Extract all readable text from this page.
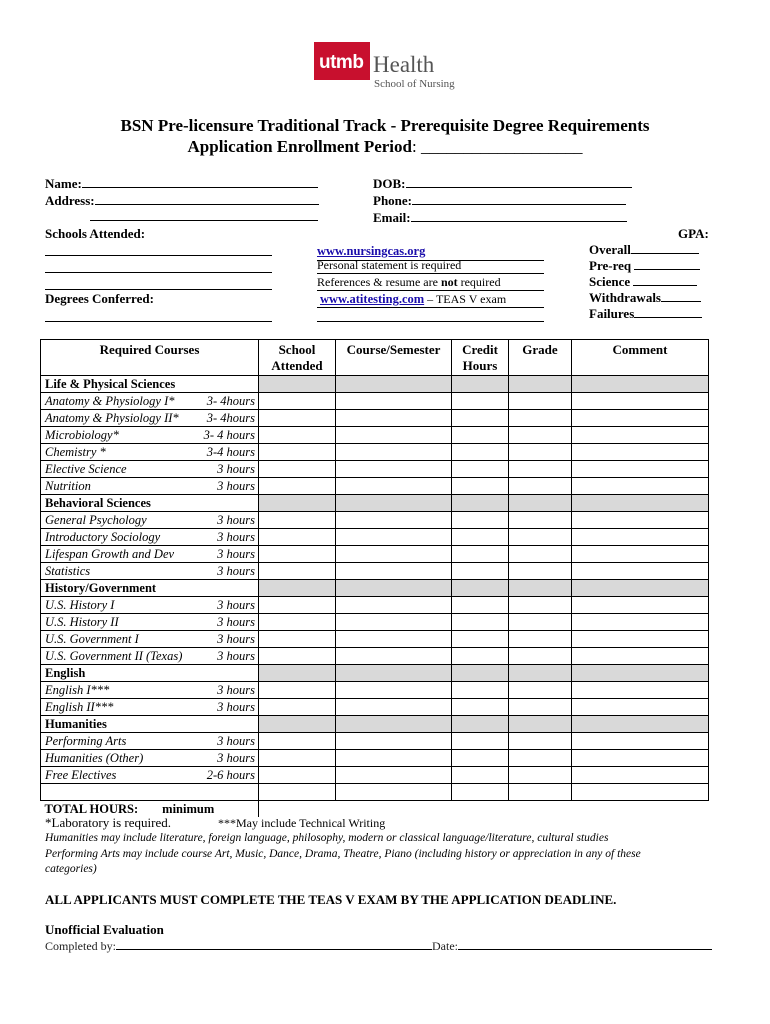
utmb Health
School of Nursing
BSN Pre-licensure Traditional Track - Prerequisite Degree Requirements
Application Enrollment Period: ___________________
Name:
Address:
Schools Attended:
Degrees Conferred:
DOB:
Phone:
Email:
www.nursingcas.org
Personal statement is required
References & resume are not required
www.atitesting.com – TEAS V exam
GPA:
Overall
Pre-req
Science
Withdrawals
Failures
Required Courses	School Attended	Course/Semester	Credit Hours	Grade	Comment
Life & Physical Sciences					

Anatomy & Physiology I* 3- 4hours					

Anatomy & Physiology II* 3- 4hours					

Microbiology* 3- 4 hours					

Chemistry * 3-4 hours					

Elective Science 3 hours					

Nutrition 3 hours					

Behavioral Sciences					

General Psychology 3 hours					

Introductory Sociology 3 hours					

Lifespan Growth and Dev 3 hours					

Statistics 3 hours					

History/Government					

U.S. History I 3 hours					

U.S. History II 3 hours					

U.S. Government I 3 hours					

U.S. Government II (Texas) 3 hours					

English					

English I*** 3 hours					

English II*** 3 hours					

Humanities					

Performing Arts 3 hours					

Humanities (Other) 3 hours					

Free Electives 2-6 hours					

TOTAL HOURS: minimum					
*Laboratory is required.	***May include Technical Writing
Humanities may include literature, foreign language, philosophy, modern or classical language/literature, cultural studies
Performing Arts may include course Art, Music, Dance, Drama, Theatre, Piano (including history or appreciation in any of these
categories)
ALL APPLICANTS MUST COMPLETE THE TEAS V EXAM BY THE APPLICATION DEADLINE.
Unofficial Evaluation
Completed by:	Date:
